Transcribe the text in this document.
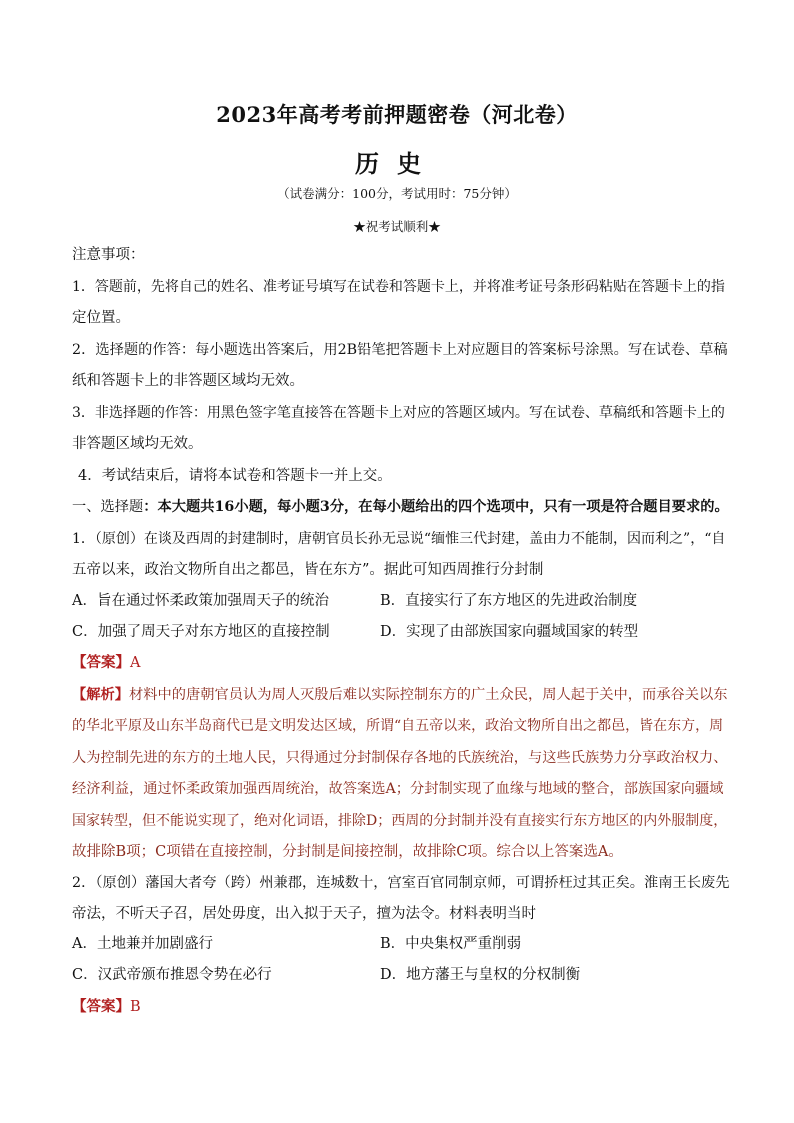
2023年高考考前押题密卷（河北卷）
历史
（试卷满分：100分，考试用时：75分钟）
★祝考试顺利★
注意事项：
1．答题前，先将自己的姓名、准考证号填写在试卷和答题卡上，并将准考证号条形码粘贴在答题卡上的指
定位置。
2．选择题的作答：每小题选出答案后，用2B铅笔把答题卡上对应题目的答案标号涂黑。写在试卷、草稿
纸和答题卡上的非答题区域均无效。
3．非选择题的作答：用黑色签字笔直接答在答题卡上对应的答题区域内。写在试卷、草稿纸和答题卡上的
非答题区域均无效。
4．考试结束后，请将本试卷和答题卡一并上交。
一、选择题：本大题共16小题，每小题3分，在每小题给出的四个选项中，只有一项是符合题目要求的。
1．（原创）在谈及西周的封建制时，唐朝官员长孙无忌说“缅惟三代封建，盖由力不能制，因而利之”，“自
五帝以来，政治文物所自出之都邑，皆在东方”。据此可知西周推行分封制
A．旨在通过怀柔政策加强周天子的统治	B．直接实行了东方地区的先进政治制度
C．加强了周天子对东方地区的直接控制	D．实现了由部族国家向疆域国家的转型
【答案】A
【解析】材料中的唐朝官员认为周人灭殷后难以实际控制东方的广土众民，周人起于关中，而承谷关以东
的华北平原及山东半岛商代已是文明发达区域，所谓“自五帝以来，政治文物所自出之都邑，皆在东方，周
人为控制先进的东方的土地人民，只得通过分封制保存各地的氏族统治，与这些氏族势力分享政治权力、
经济利益，通过怀柔政策加强西周统治，故答案选A；分封制实现了血缘与地域的整合，部族国家向疆域
国家转型，但不能说实现了，绝对化词语，排除D；西周的分封制并没有直接实行东方地区的内外服制度，
故排除B项；C项错在直接控制，分封制是间接控制，故排除C项。综合以上答案选A。
2．（原创）藩国大者夸（跨）州兼郡，连城数十，宫室百官同制京师，可谓挢枉过其正矣。淮南王长废先
帝法，不听天子召，居处毋度，出入拟于天子，擅为法令。材料表明当时
A．土地兼并加剧盛行	B．中央集权严重削弱
C．汉武帝颁布推恩令势在必行	D．地方藩王与皇权的分权制衡
【答案】B
